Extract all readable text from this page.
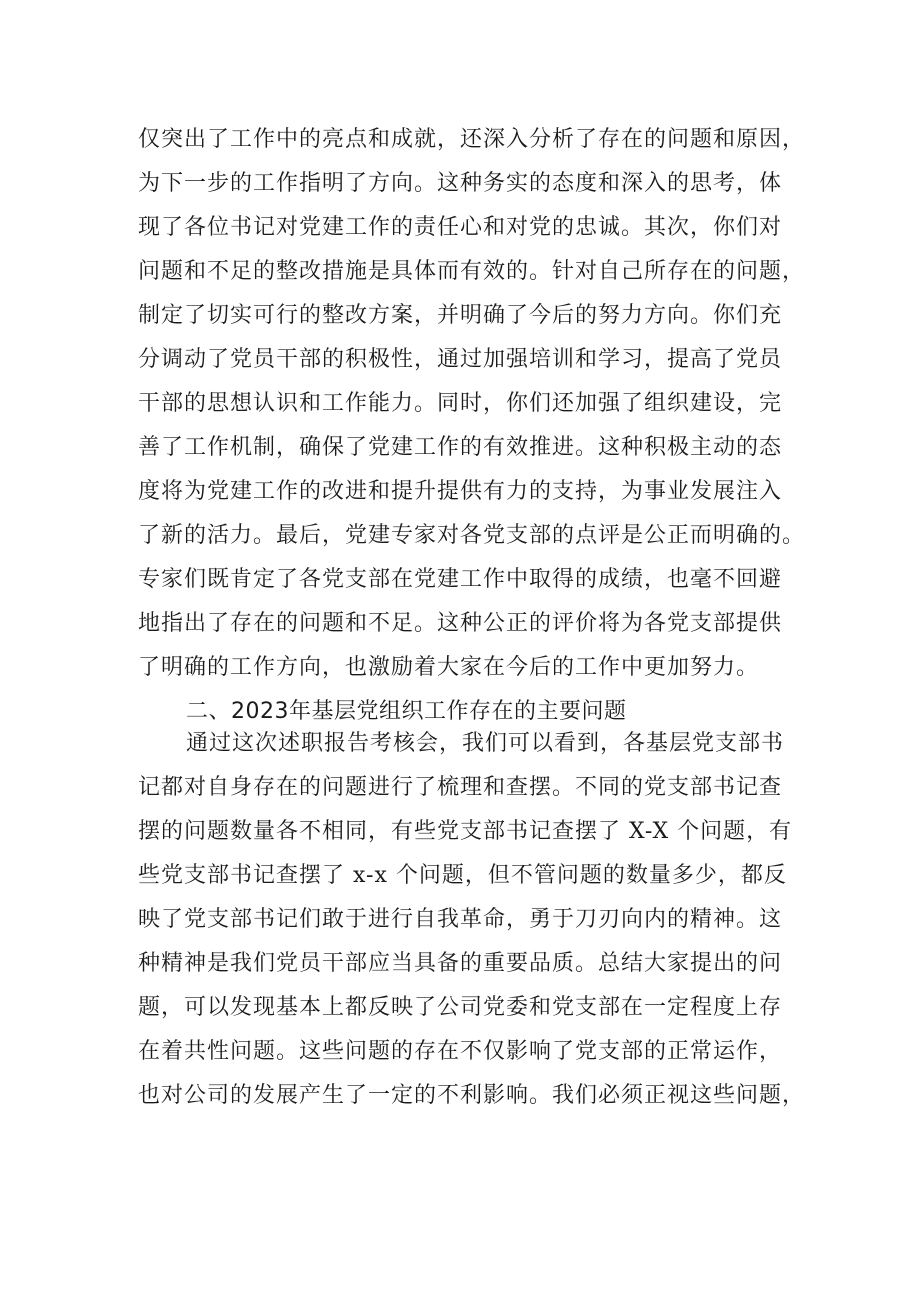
仅突出了工作中的亮点和成就，还深入分析了存在的问题和原因，
为下一步的工作指明了方向。这种务实的态度和深入的思考，体
现了各位书记对党建工作的责任心和对党的忠诚。其次，你们对
问题和不足的整改措施是具体而有效的。针对自己所存在的问题，
制定了切实可行的整改方案，并明确了今后的努力方向。你们充
分调动了党员干部的积极性，通过加强培训和学习，提高了党员
干部的思想认识和工作能力。同时，你们还加强了组织建设，完
善了工作机制，确保了党建工作的有效推进。这种积极主动的态
度将为党建工作的改进和提升提供有力的支持，为事业发展注入
了新的活力。最后，党建专家对各党支部的点评是公正而明确的。
专家们既肯定了各党支部在党建工作中取得的成绩，也毫不回避
地指出了存在的问题和不足。这种公正的评价将为各党支部提供
了明确的工作方向，也激励着大家在今后的工作中更加努力。
二、2023年基层党组织工作存在的主要问题
通过这次述职报告考核会，我们可以看到，各基层党支部书
记都对自身存在的问题进行了梳理和查摆。不同的党支部书记查
摆的问题数量各不相同，有些党支部书记查摆了 X-X 个问题，有
些党支部书记查摆了 x-x 个问题，但不管问题的数量多少，都反
映了党支部书记们敢于进行自我革命，勇于刀刃向内的精神。这
种精神是我们党员干部应当具备的重要品质。总结大家提出的问
题，可以发现基本上都反映了公司党委和党支部在一定程度上存
在着共性问题。这些问题的存在不仅影响了党支部的正常运作，
也对公司的发展产生了一定的不利影响。我们必须正视这些问题，
